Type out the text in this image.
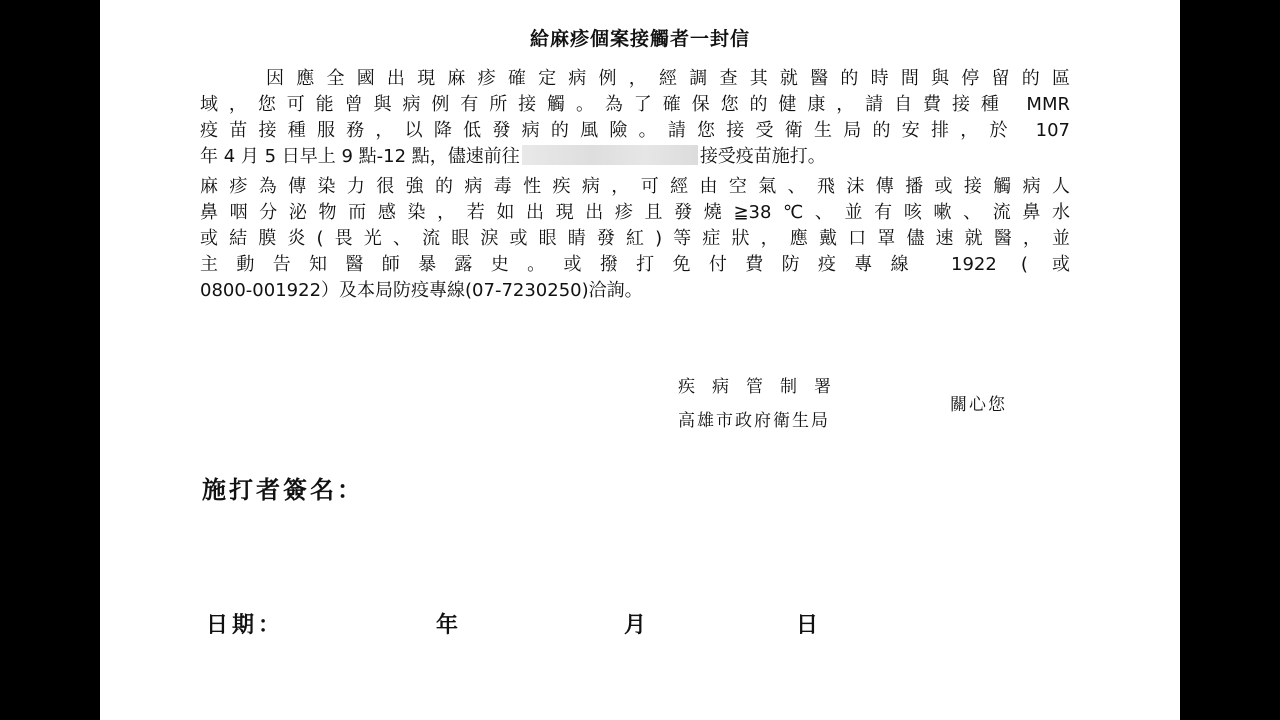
給麻疹個案接觸者一封信
因應全國出現麻疹確定病例，經調查其就醫的時間與停留的區
域，您可能曾與病例有所接觸。為了確保您的健康，請自費接種 MMR
疫苗接種服務，以降低發病的風險。請您接受衛生局的安排，於 107
年 4 月 5 日早上 9 點-12 點，儘速前往	接受疫苗施打。
麻疹為傳染力很強的病毒性疾病，可經由空氣、飛沫傳播或接觸病人
鼻咽分泌物而感染，若如出現出疹且發燒≧38℃、並有咳嗽、流鼻水
或結膜炎(畏光、流眼淚或眼睛發紅)等症狀，應戴口罩儘速就醫，並
主動告知醫師暴露史。或撥打免付費防疫專線 1922 ( 或
0800-001922）及本局防疫專線(07-7230250)洽詢。
疾病管制署
高雄市政府衛生局
關心您
施打者簽名：
日期：	年	月	日
